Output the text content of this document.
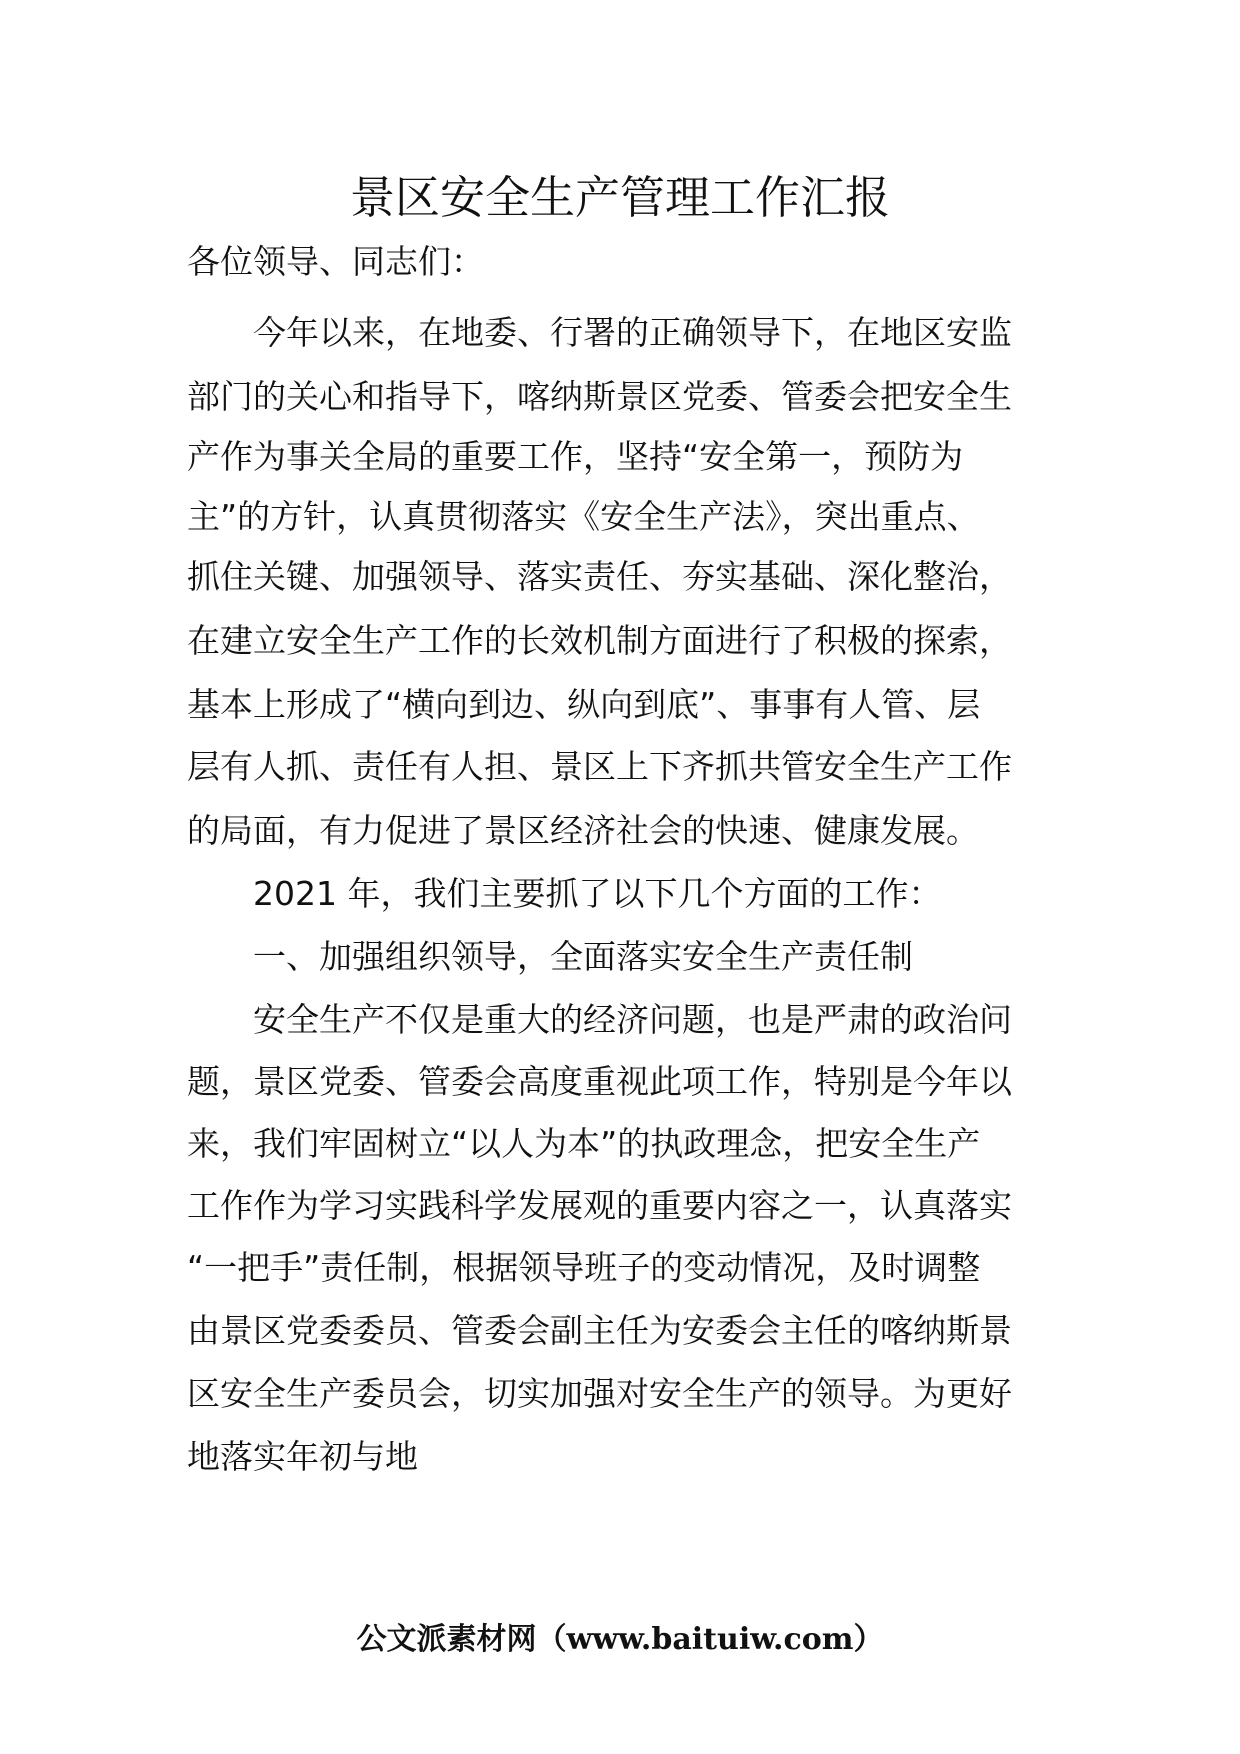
景区安全生产管理工作汇报

各位领导、同志们：

今年以来，在地委、行署的正确领导下，在地区安监

部门的关心和指导下，喀纳斯景区党委、管委会把安全生

产作为事关全局的重要工作，坚持“安全第一，预防为

主”的方针，认真贯彻落实《安全生产法》，突出重点、

抓住关键、加强领导、落实责任、夯实基础、深化整治，

在建立安全生产工作的长效机制方面进行了积极的探索，

基本上形成了“横向到边、纵向到底”、事事有人管、层

层有人抓、责任有人担、景区上下齐抓共管安全生产工作

的局面，有力促进了景区经济社会的快速、健康发展。

2021 年，我们主要抓了以下几个方面的工作：

一、加强组织领导，全面落实安全生产责任制

安全生产不仅是重大的经济问题，也是严肃的政治问

题，景区党委、管委会高度重视此项工作，特别是今年以

来，我们牢固树立“以人为本”的执政理念，把安全生产

工作作为学习实践科学发展观的重要内容之一，认真落实

“一把手”责任制，根据领导班子的变动情况，及时调整

由景区党委委员、管委会副主任为安委会主任的喀纳斯景

区安全生产委员会，切实加强对安全生产的领导。为更好

地落实年初与地

公文派素材网（www.baituiw.com）
